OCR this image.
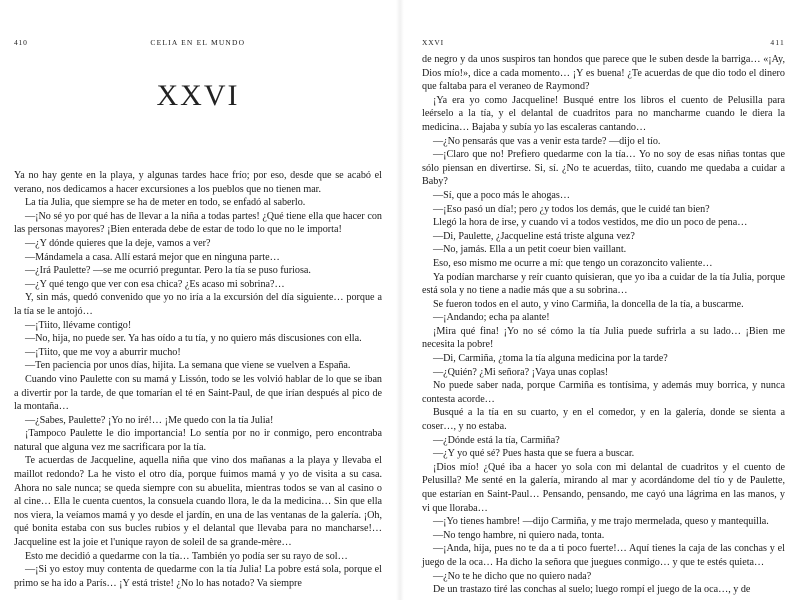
410	CELIA EN EL MUNDO
XXVI

Ya no hay gente en la playa, y algunas tardes hace frío; por eso, desde que se acabó el verano, nos dedicamos a hacer excursiones a los pueblos que no tienen mar.

La tía Julia, que siempre se ha de meter en todo, se enfadó al saberlo.

—¡No sé yo por qué has de llevar a la niña a todas partes! ¿Qué tiene ella que hacer con las personas mayores? ¡Bien enterada debe de estar de todo lo que no le importa!

—¿Y dónde quieres que la deje, vamos a ver?

—Mándamela a casa. Allí estará mejor que en ninguna parte…

—¿Irá Paulette? —se me ocurrió preguntar. Pero la tía se puso furiosa.

—¿Y qué tengo que ver con esa chica? ¿Es acaso mi sobrina?…

Y, sin más, quedó convenido que yo no iría a la excursión del día siguiente… porque a la tía se le antojó…

—¡Tiito, llévame contigo!

—No, hija, no puede ser. Ya has oído a tu tía, y no quiero más discusiones con ella.

—¡Tiito, que me voy a aburrir mucho!

—Ten paciencia por unos días, hijita. La semana que viene se vuelven a España.

Cuando vino Paulette con su mamá y Lissón, todo se les volvió hablar de lo que se iban a divertir por la tarde, de que tomarían el té en Saint-Paul, de que irían después al pico de la montaña…

—¿Sabes, Paulette? ¡Yo no iré!… ¡Me quedo con la tía Julia!

¡Tampoco Paulette le dio importancia! Lo sentía por no ir conmigo, pero encontraba natural que alguna vez me sacrificara por la tía.

Te acuerdas de Jacqueline, aquella niña que vino dos mañanas a la playa y llevaba el maillot redondo? La he visto el otro día, porque fuimos mamá y yo de visita a su casa. Ahora no sale nunca; se queda siempre con su abuelita, mientras todos se van al casino o al cine… Ella le cuenta cuentos, la consuela cuando llora, le da la medicina… Sin que ella nos viera, la veíamos mamá y yo desde el jardín, en una de las ventanas de la galería. ¡Oh, qué bonita estaba con sus bucles rubios y el delantal que llevaba para no mancharse!… Jacqueline est la joie et l'unique rayon de soleil de sa grande-mère…

Esto me decidió a quedarme con la tía… También yo podía ser su rayo de sol…

—¡Si yo estoy muy contenta de quedarme con la tía Julia! La pobre está sola, porque el primo se ha ido a París… ¡Y está triste! ¿No lo has notado? Va siempre

XXVI	411

de negro y da unos suspiros tan hondos que parece que le suben desde la barriga… «¡Ay, Dios mío!», dice a cada momento… ¡Y es buena! ¿Te acuerdas de que dio todo el dinero que faltaba para el veraneo de Raymond?

¡Ya era yo como Jacqueline! Busqué entre los libros el cuento de Pelusilla para leérselo a la tía, y el delantal de cuadritos para no mancharme cuando le diera la medicina… Bajaba y subía yo las escaleras cantando…

—¿No pensarás que vas a venir esta tarde? —dijo el tío.

—¡Claro que no! Prefiero quedarme con la tía… Yo no soy de esas niñas tontas que sólo piensan en divertirse. Si, sí. ¿No te acuerdas, tiito, cuando me quedaba a cuidar a Baby?

—Sí, que a poco más le ahogas…

—¡Eso pasó un día!; pero ¿y todos los demás, que le cuidé tan bien?

Llegó la hora de irse, y cuando vi a todos vestidos, me dio un poco de pena…

—Di, Paulette, ¿Jacqueline está triste alguna vez?

—No, jamás. Ella a un petit coeur bien vaillant.

Eso, eso mismo me ocurre a mí: que tengo un corazoncito valiente…

Ya podían marcharse y reír cuanto quisieran, que yo iba a cuidar de la tía Julia, porque está sola y no tiene a nadie más que a su sobrina…

Se fueron todos en el auto, y vino Carmiña, la doncella de la tía, a buscarme.

—¡Andando; echa pa alante!

¡Mira qué fina! ¡Yo no sé cómo la tía Julia puede sufrirla a su lado… ¡Bien me necesita la pobre!

—Di, Carmiña, ¿toma la tía alguna medicina por la tarde?

—¿Quién? ¿Mi señora? ¡Vaya unas coplas!

No puede saber nada, porque Carmiña es tontísima, y además muy borrica, y nunca contesta acorde…

Busqué a la tía en su cuarto, y en el comedor, y en la galería, donde se sienta a coser…, y no estaba.

—¿Dónde está la tía, Carmiña?

—¿Y yo qué sé? Pues hasta que se fuera a buscar.

¡Dios mío! ¿Qué iba a hacer yo sola con mi delantal de cuadritos y el cuento de Pelusilla? Me senté en la galería, mirando al mar y acordándome del tío y de Paulette, que estarían en Saint-Paul… Pensando, pensando, me cayó una lágrima en las manos, y vi que lloraba…

—¡Yo tienes hambre! —dijo Carmiña, y me trajo mermelada, queso y mantequilla.

—No tengo hambre, ni quiero nada, tonta.

—¡Anda, hija, pues no te da a ti poco fuerte!… Aquí tienes la caja de las conchas y el juego de la oca… Ha dicho la señora que juegues conmigo… y que te estés quieta…

—¿No te he dicho que no quiero nada?

De un trastazo tiré las conchas al suelo; luego rompí el juego de la oca…, y de
